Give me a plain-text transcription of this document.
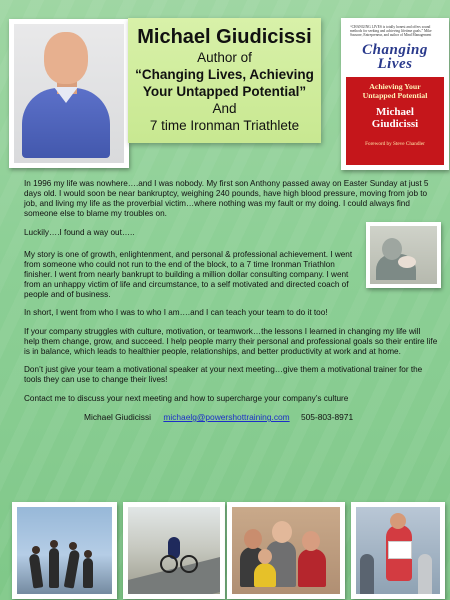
Michael Giudicissi
Author of
“Changing Lives, Achieving
Your Untapped Potential”
And
7 time Ironman Triathlete
“CHANGING LIVES is totally honest and offers sound methods for seeking and achieving lifetime goals.” Mike Sassone, Entrepreneur, and author of Mind Management
Changing
Lives
Achieving Your
Untapped Potential
Michael
Giudicissi
Foreword by Steve Chandler

In 1996 my life was nowhere….and I was nobody. My first son Anthony passed away on Easter Sunday at just 5 days old. I would soon be near bankruptcy, weighing 240 pounds, have high blood pressure, moving from job to job, and living my life as the proverbial victim…where nothing was my fault or my doing. I could always find someone else to blame my troubles on.

Luckily….I found a way out…..

My story is one of growth, enlightenment, and personal & professional achievement. I went from someone who could not run to the end of the block, to a 7 time Ironman Triathlon finisher. I went from nearly bankrupt to building a million dollar consulting company. I went from an unhappy victim of life and circumstance, to a self motivated and directed coach of people and of business.

In short, I went from who I was to who I am….and I can teach your team to do it too!

If your company struggles with culture, motivation, or teamwork…the lessons I learned in changing my life will help them change, grow, and succeed. I help people marry their personal and professional goals so their entire life is in balance, which leads to healthier people, relationships, and better productivity at work and at home.

Don’t just give your team a motivational speaker at your next meeting…give them a motivational trainer for the tools they can use to change their lives!

Contact me to discuss your next meeting and how to supercharge your company’s culture

Michael Giudicissi michaelg@powershottraining.com 505-803-8971
